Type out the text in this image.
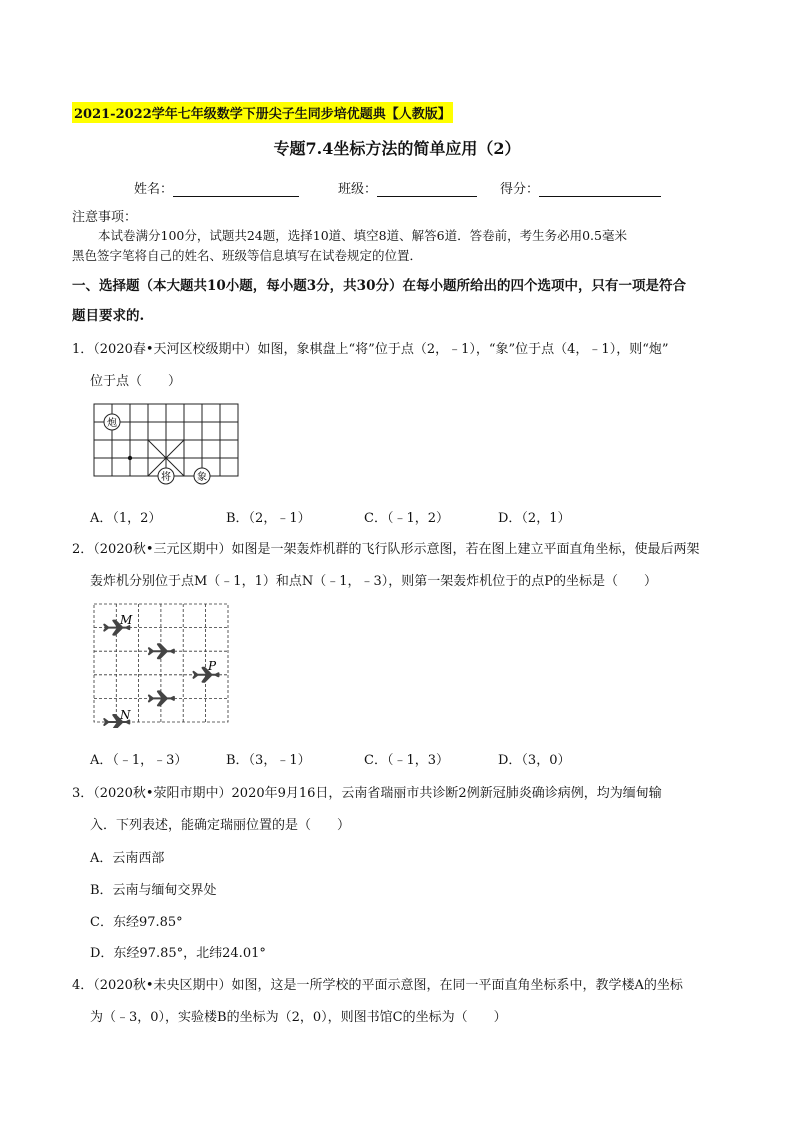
2021-2022学年七年级数学下册尖子生同步培优题典【人教版】
专题7.4坐标方法的简单应用（2）
姓名：	班级：	得分：
注意事项：
本试卷满分100分，试题共24题，选择10道、填空8道、解答6道．答卷前，考生务必用0.5毫米
黑色签字笔将自己的姓名、班级等信息填写在试卷规定的位置．
一、选择题（本大题共10小题，每小题3分，共30分）在每小题所给出的四个选项中，只有一项是符合
题目要求的.
1．（2020春•天河区校级期中）如图，象棋盘上“将”位于点（2，﹣1），“象”位于点（4，﹣1），则“炮”
位于点（　　）
炮
将	象
A．（1，2）	B．（2，﹣1）	C．（﹣1，2）	D．（2，1）
2．（2020秋•三元区期中）如图是一架轰炸机群的飞行队形示意图，若在图上建立平面直角坐标，使最后两架
轰炸机分别位于点M（﹣1，1）和点N（﹣1，﹣3），则第一架轰炸机位于的点P的坐标是（　　）
M
P
N
A．（﹣1，﹣3）	B．（3，﹣1）	C．（﹣1，3）	D．（3，0）
3．（2020秋•荥阳市期中）2020年9月16日，云南省瑞丽市共诊断2例新冠肺炎确诊病例，均为缅甸输
入．下列表述，能确定瑞丽位置的是（　　）
A．云南西部
B．云南与缅甸交界处
C．东经97.85°
D．东经97.85°，北纬24.01°
4．（2020秋•未央区期中）如图，这是一所学校的平面示意图，在同一平面直角坐标系中，教学楼A的坐标
为（﹣3，0），实验楼B的坐标为（2，0），则图书馆C的坐标为（　　）
